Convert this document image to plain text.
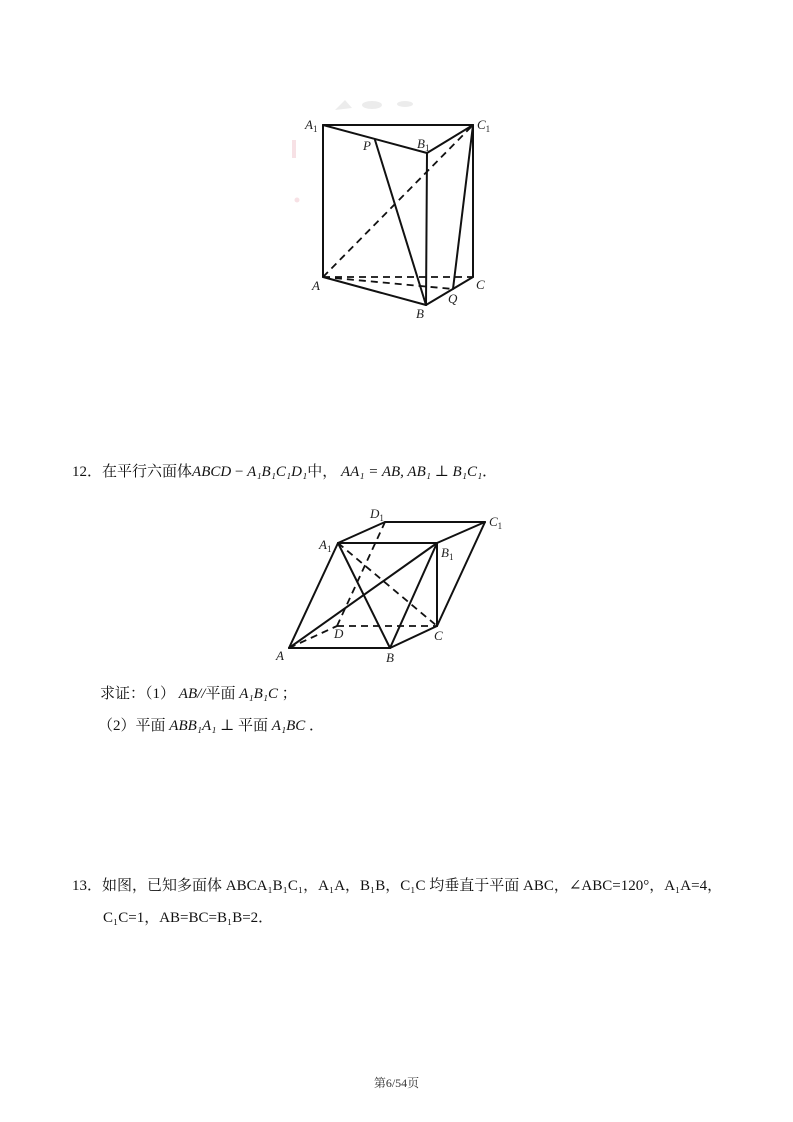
$A_1$	$C_1$
$B_1$
P
A	C
B
Q
12．在平行六面体ABCD − A₁B₁C₁D₁中， AA₁ = AB, AB₁ ⊥ B₁C₁．
$D_1$	$C_1$
$A_1$	$B_1$
D	C
A	B
求证：（1） AB//平面 A₁B₁C ；
（2）平面 ABB₁A₁ ⊥ 平面 A₁BC ．
13．如图，已知多面体 ABCA₁B₁C₁，A₁A，B₁B，C₁C 均垂直于平面 ABC，∠ABC=120°，A₁A=4，
C₁C=1，AB=BC=B₁B=2．
第6/54页
